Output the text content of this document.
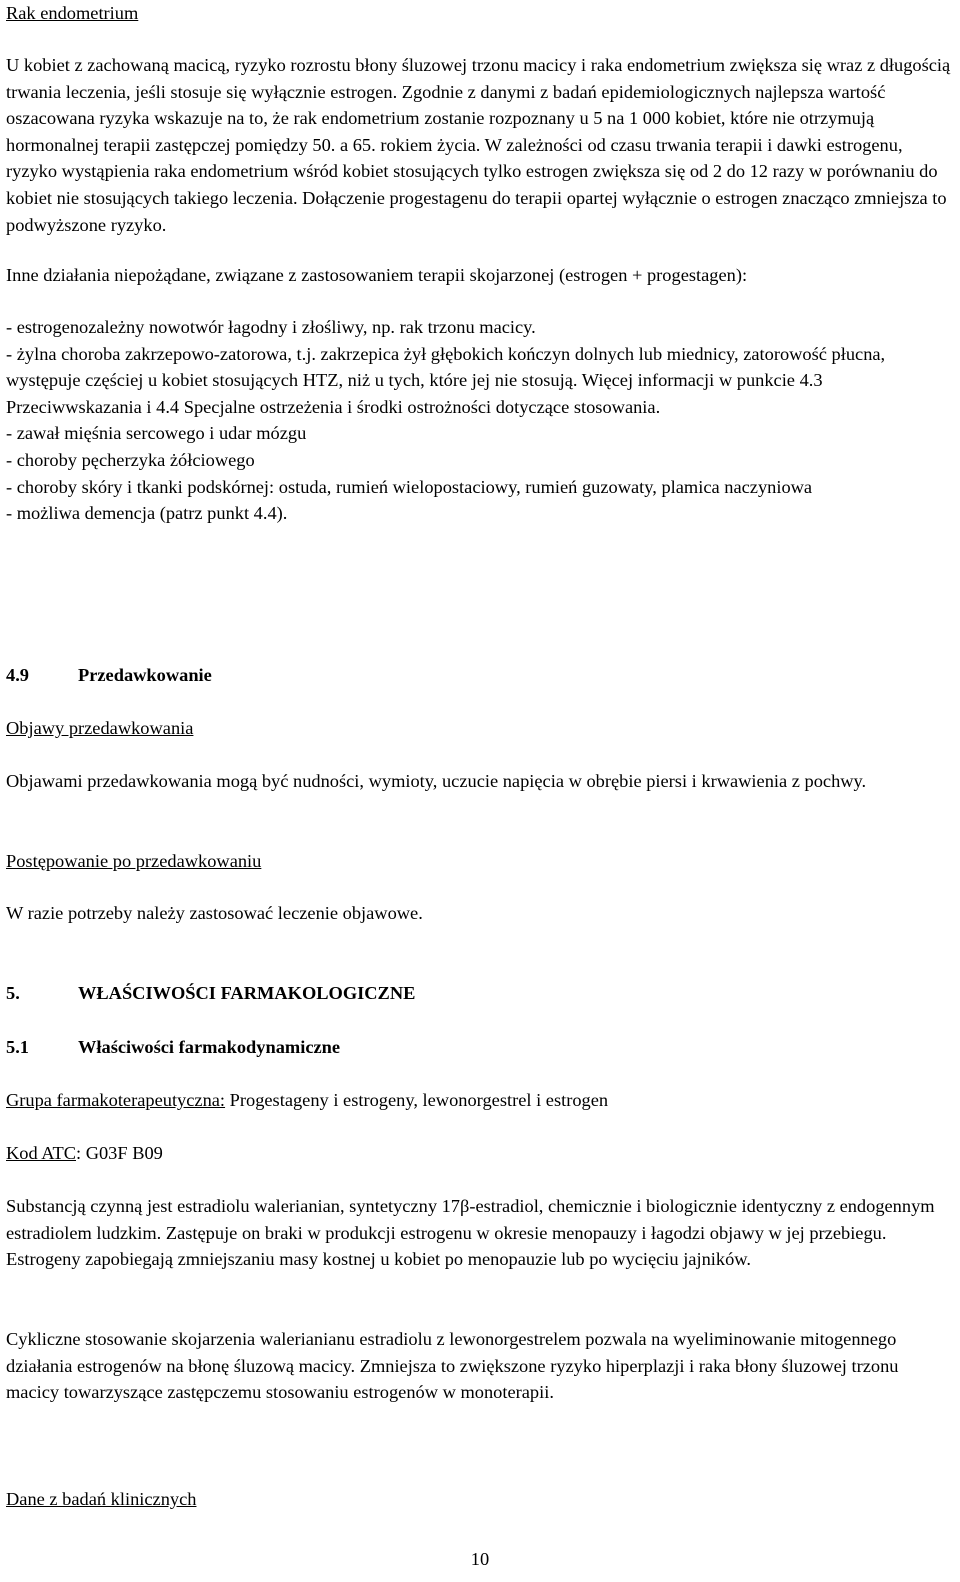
Rak endometrium

U kobiet z zachowaną macicą, ryzyko rozrostu błony śluzowej trzonu macicy i raka endometrium zwiększa się wraz z długością trwania leczenia, jeśli stosuje się wyłącznie estrogen. Zgodnie z danymi z badań epidemiologicznych najlepsza wartość oszacowana ryzyka wskazuje na to, że rak endometrium zostanie rozpoznany u 5 na 1 000 kobiet, które nie otrzymują hormonalnej terapii zastępczej pomiędzy 50. a 65. rokiem życia. W zależności od czasu trwania terapii i dawki estrogenu, ryzyko wystąpienia raka endometrium wśród kobiet stosujących tylko estrogen zwiększa się od 2 do 12 razy w porównaniu do kobiet nie stosujących takiego leczenia. Dołączenie progestagenu do terapii opartej wyłącznie o estrogen znacząco zmniejsza to podwyższone ryzyko.

Inne działania niepożądane, związane z zastosowaniem terapii skojarzonej (estrogen + progestagen):

- estrogenozależny nowotwór łagodny i złośliwy, np. rak trzonu macicy.

- żylna choroba zakrzepowo-zatorowa, t.j. zakrzepica żył głębokich kończyn dolnych lub miednicy, zatorowość płucna, występuje częściej u kobiet stosujących HTZ, niż u tych, które jej nie stosują. Więcej informacji w punkcie 4.3 Przeciwwskazania i 4.4 Specjalne ostrzeżenia i środki ostrożności dotyczące stosowania.

- zawał mięśnia sercowego i udar mózgu

- choroby pęcherzyka żółciowego

- choroby skóry i tkanki podskórnej: ostuda, rumień wielopostaciowy, rumień guzowaty, plamica naczyniowa

- możliwa demencja (patrz punkt 4.4).

4.9	Przedawkowanie

Objawy przedawkowania

Objawami przedawkowania mogą być nudności, wymioty, uczucie napięcia w obrębie piersi i krwawienia z pochwy.

Postępowanie po przedawkowaniu

W razie potrzeby należy zastosować leczenie objawowe.

5.	WŁAŚCIWOŚCI FARMAKOLOGICZNE

5.1	Właściwości farmakodynamiczne

Grupa farmakoterapeutyczna: Progestageny i estrogeny, lewonorgestrel i estrogen

Kod ATC: G03F B09

Substancją czynną jest estradiolu walerianian, syntetyczny 17β-estradiol, chemicznie i biologicznie identyczny z endogennym estradiolem ludzkim. Zastępuje on braki w produkcji estrogenu w okresie menopauzy i łagodzi objawy w jej przebiegu. Estrogeny zapobiegają zmniejszaniu masy kostnej u kobiet po menopauzie lub po wycięciu jajników.

Cykliczne stosowanie skojarzenia walerianianu estradiolu z lewonorgestrelem pozwala na wyeliminowanie mitogennego działania estrogenów na błonę śluzową macicy. Zmniejsza to zwiększone ryzyko hiperplazji i raka błony śluzowej trzonu macicy towarzyszące zastępczemu stosowaniu estrogenów w monoterapii.

Dane z badań klinicznych

10
